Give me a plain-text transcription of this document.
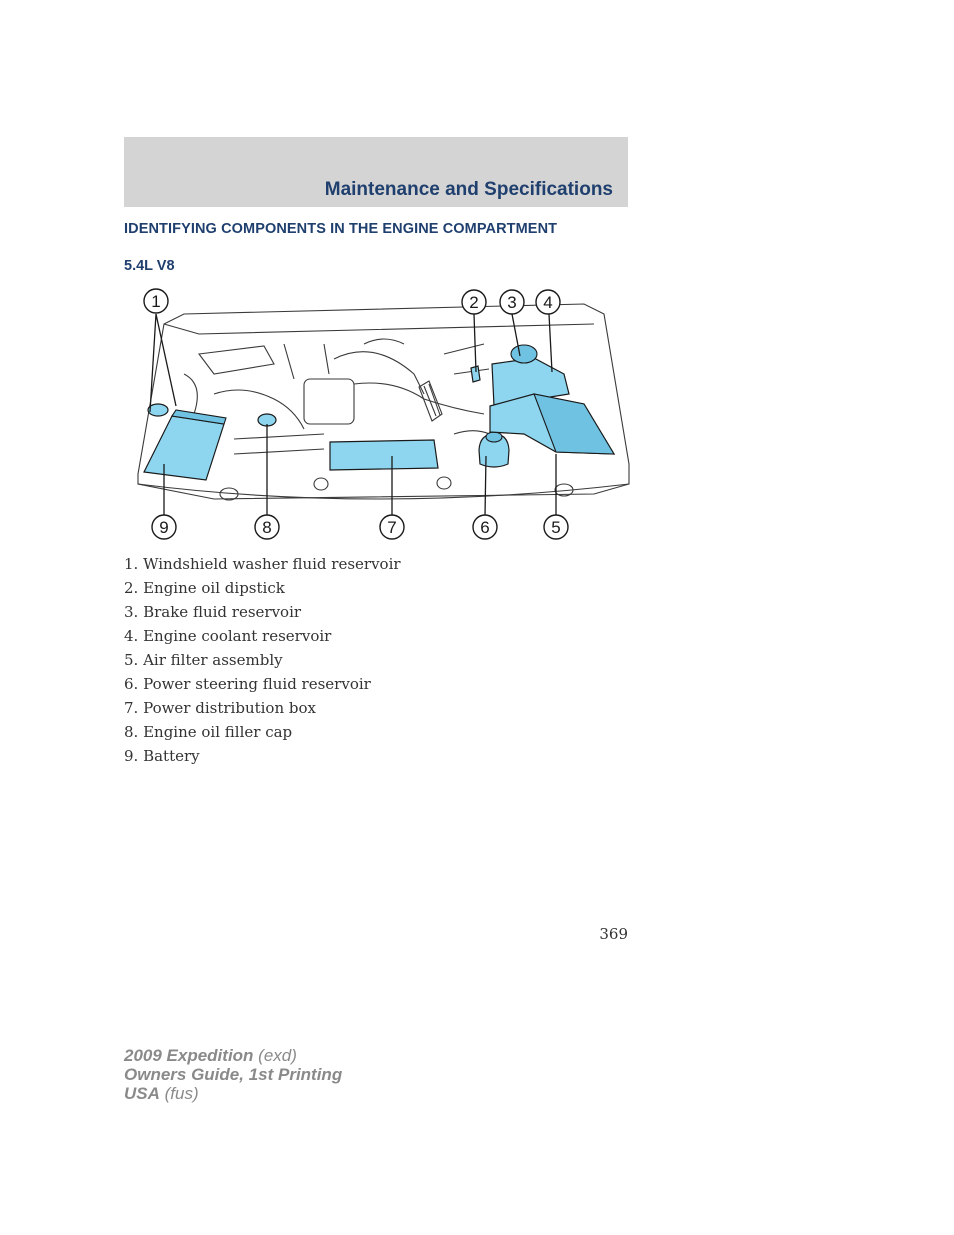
Maintenance and Specifications
IDENTIFYING COMPONENTS IN THE ENGINE COMPARTMENT
5.4L V8
1	2 3 4
5
6
7
8
9
1. Windshield washer fluid reservoir
2. Engine oil dipstick
3. Brake fluid reservoir
4. Engine coolant reservoir
5. Air filter assembly
6. Power steering fluid reservoir
7. Power distribution box
8. Engine oil filler cap
9. Battery
369
2009 Expedition (exd)
Owners Guide, 1st Printing
USA (fus)
